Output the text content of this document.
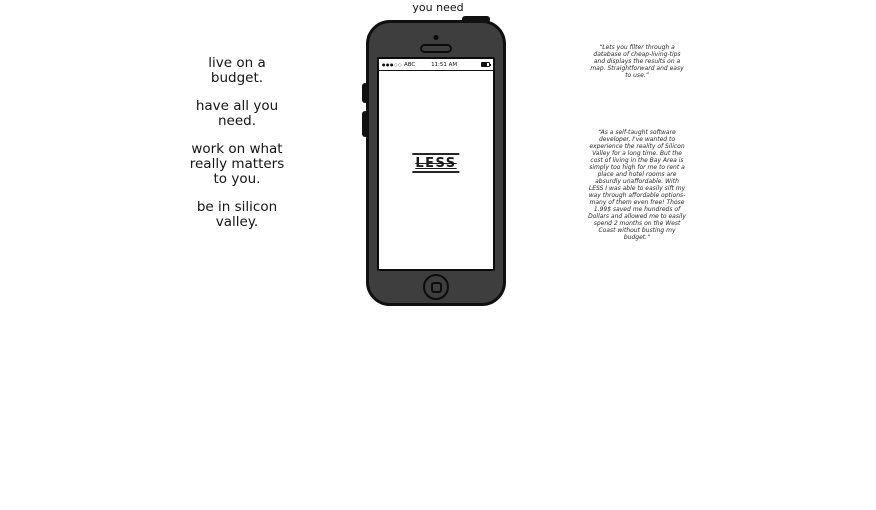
you need
live on a
budget.
have all you
need.
work on what
really matters
to you.
be in silicon
valley.
●●●○○ ABC	11:51 AM
LESS
“Lets you filter through a database of cheap-living-tips and displays the results on a map. Straightforward and easy to use.”
“As a self-taught software developer, I've wanted to experience the reality of Silicon Valley for a long time. But the cost of living in the Bay Area is simply too high for me to rent a place and hotel rooms are absurdly unaffordable. With LESS I was able to easily sift my way through affordable options- many of them even free! Those 1.99$ saved me hundreds of Dollars and allowed me to easily spend 2 months on the West Coast without busting my budget.”
